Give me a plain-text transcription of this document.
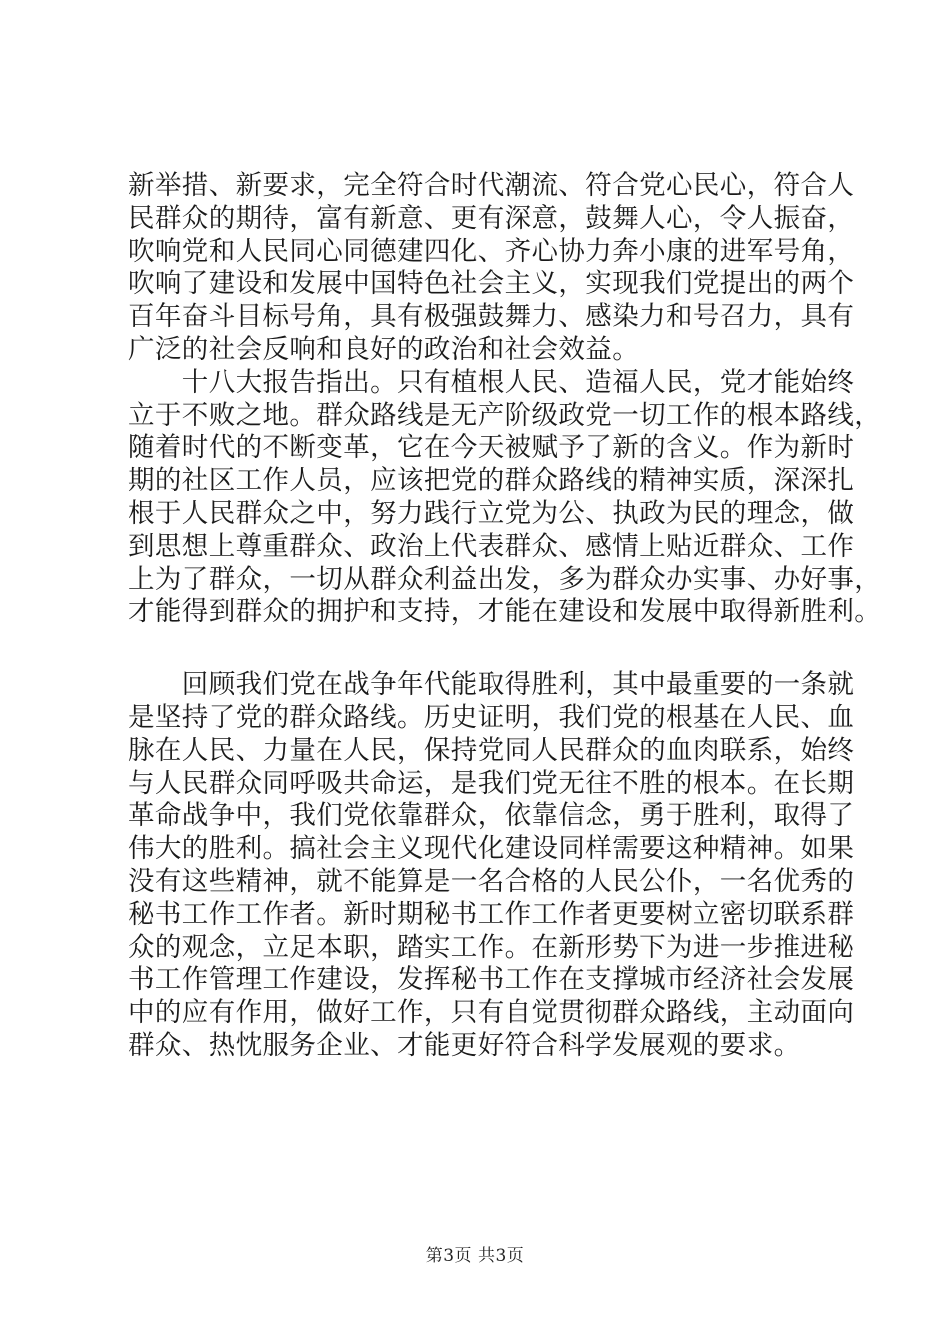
新举措、新要求，完全符合时代潮流、符合党心民心，符合人
民群众的期待，富有新意、更有深意，鼓舞人心，令人振奋，
吹响党和人民同心同德建四化、齐心协力奔小康的进军号角，
吹响了建设和发展中国特色社会主义，实现我们党提出的两个
百年奋斗目标号角，具有极强鼓舞力、感染力和号召力，具有
广泛的社会反响和良好的政治和社会效益。
　　十八大报告指出。只有植根人民、造福人民，党才能始终
立于不败之地。群众路线是无产阶级政党一切工作的根本路线，
随着时代的不断变革，它在今天被赋予了新的含义。作为新时
期的社区工作人员，应该把党的群众路线的精神实质，深深扎
根于人民群众之中，努力践行立党为公、执政为民的理念，做
到思想上尊重群众、政治上代表群众、感情上贴近群众、工作
上为了群众，一切从群众利益出发，多为群众办实事、办好事，
才能得到群众的拥护和支持，才能在建设和发展中取得新胜利。
　　回顾我们党在战争年代能取得胜利，其中最重要的一条就
是坚持了党的群众路线。历史证明，我们党的根基在人民、血
脉在人民、力量在人民，保持党同人民群众的血肉联系，始终
与人民群众同呼吸共命运，是我们党无往不胜的根本。在长期
革命战争中，我们党依靠群众，依靠信念，勇于胜利，取得了
伟大的胜利。搞社会主义现代化建设同样需要这种精神。如果
没有这些精神，就不能算是一名合格的人民公仆，一名优秀的
秘书工作工作者。新时期秘书工作工作者更要树立密切联系群
众的观念，立足本职，踏实工作。在新形势下为进一步推进秘
书工作管理工作建设，发挥秘书工作在支撑城市经济社会发展
中的应有作用，做好工作，只有自觉贯彻群众路线，主动面向
群众、热忱服务企业、才能更好符合科学发展观的要求。
第3页 共3页
